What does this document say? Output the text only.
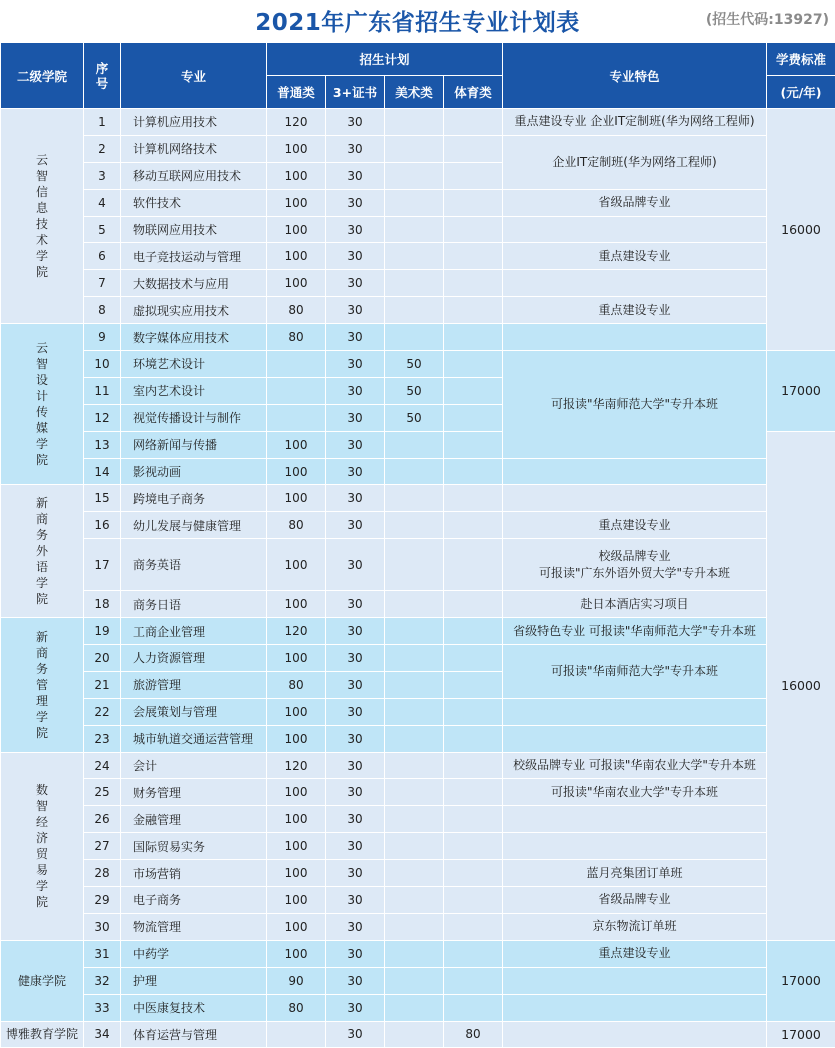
2021年广东省招生专业计划表	(招生代码:13927)
二级学院	序号	专业	招生计划				专业特色	学费标准
			普通类	3+证书	美术类	体育类		(元/年)
云智信息技术学院	1	计算机应用技术	120	30			重点建设专业 企业IT定制班(华为网络工程师)	16000
	2	计算机网络技术	100	30			企业IT定制班(华为网络工程师)	

	3	移动互联网应用技术	100	30				
	4	软件技术	100	30			省级品牌专业	

	5	物联网应用技术	100	30				

	6	电子竞技运动与管理	100	30			重点建设专业	

	7	大数据技术与应用	100	30				

	8	虚拟现实应用技术	80	30			重点建设专业	

云智设计传媒学院	9	数字媒体应用技术	80	30				

	10	环境艺术设计		30	50		可报读"华南师范大学"专升本班	17000
	11	室内艺术设计		30	50			
	12	视觉传播设计与制作		30	50			
	13	网络新闻与传播	100	30				16000
	14	影视动画	100	30				

新商务外语学院	15	跨境电子商务	100	30				

	16	幼儿发展与健康管理	80	30			重点建设专业	

	17	商务英语	100	30			校级品牌专业
可报读"广东外语外贸大学"专升本班	

	18	商务日语	100	30			赴日本酒店实习项目	

新商务管理学院	19	工商企业管理	120	30			省级特色专业 可报读"华南师范大学"专升本班	

	20	人力资源管理	100	30			可报读"华南师范大学"专升本班	

	21	旅游管理	80	30				
	22	会展策划与管理	100	30				

	23	城市轨道交通运营管理	100	30				

数智经济贸易学院	24	会计	120	30			校级品牌专业 可报读"华南农业大学"专升本班	

	25	财务管理	100	30			可报读"华南农业大学"专升本班	

	26	金融管理	100	30				

	27	国际贸易实务	100	30				

	28	市场营销	100	30			蓝月亮集团订单班	

	29	电子商务	100	30			省级品牌专业	

	30	物流管理	100	30			京东物流订单班	

健康学院	31	中药学	100	30			重点建设专业	17000
	32	护理	90	30				

	33	中医康复技术	80	30				

博雅教育学院	34	体育运营与管理		30		80		17000
